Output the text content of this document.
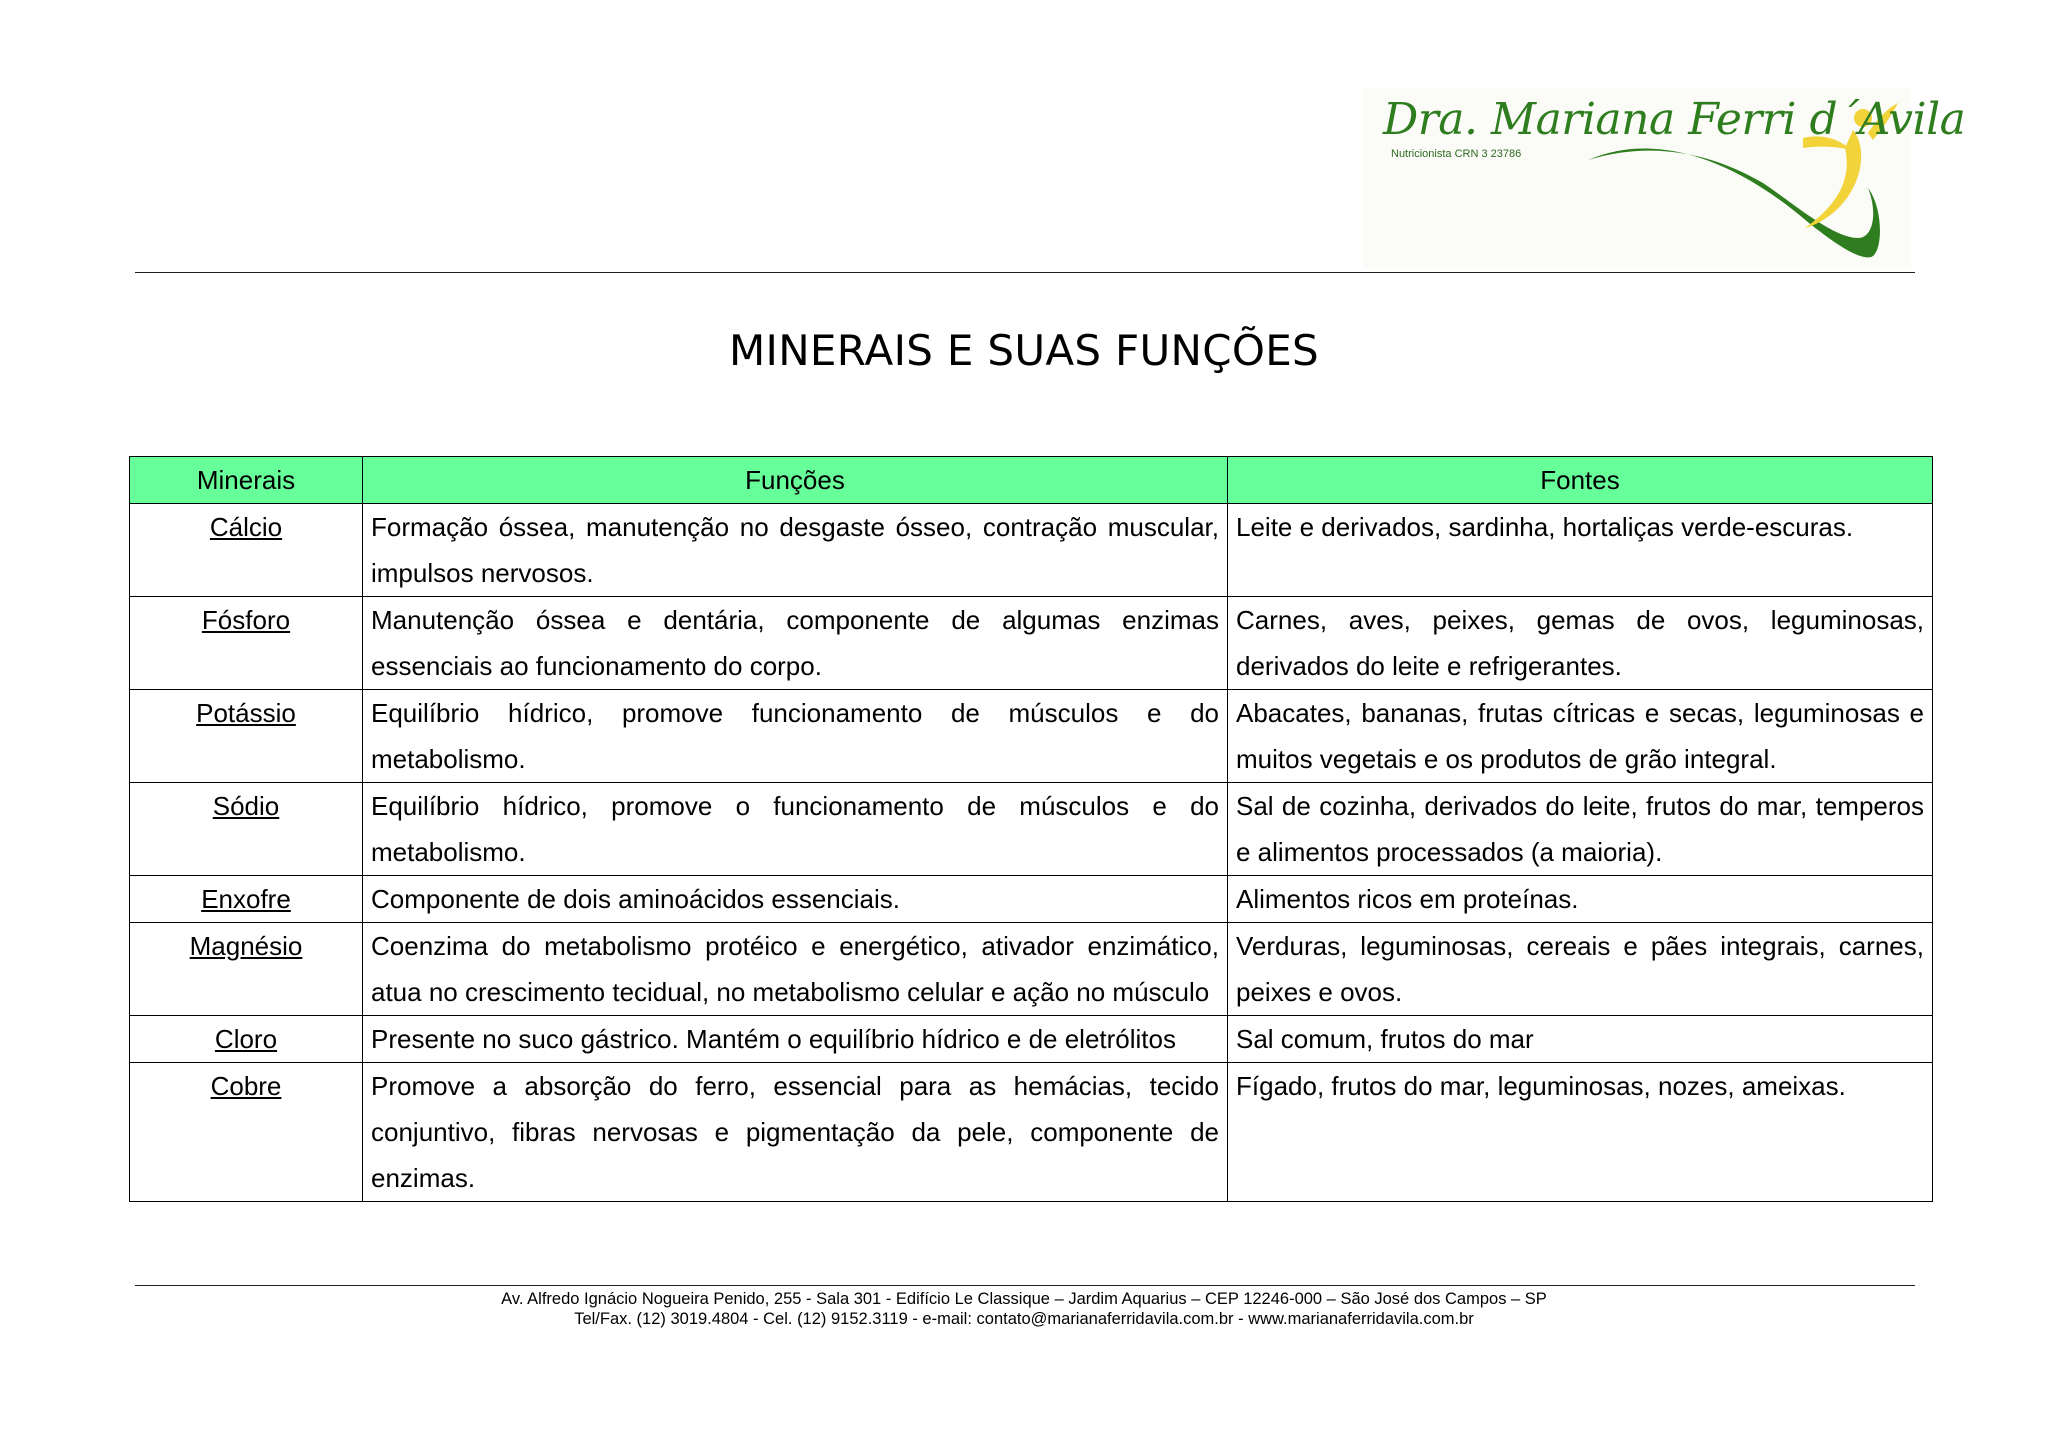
Dra. Mariana Ferri d´Avila
Nutricionista CRN 3 23786
MINERAIS E SUAS FUNÇÕES
Minerais	Funções	Fontes
Cálcio	Formação óssea, manutenção no desgaste ósseo, contração muscular, impulsos nervosos.	Leite e derivados, sardinha, hortaliças verde-escuras.
Fósforo	Manutenção óssea e dentária, componente de algumas enzimas essenciais ao funcionamento do corpo.	Carnes, aves, peixes, gemas de ovos, leguminosas, derivados do leite e refrigerantes.
Potássio	Equilíbrio hídrico, promove funcionamento de músculos e do metabolismo.	Abacates, bananas, frutas cítricas e secas, leguminosas e muitos vegetais e os produtos de grão integral.
Sódio	Equilíbrio hídrico, promove o funcionamento de músculos e do metabolismo.	Sal de cozinha, derivados do leite, frutos do mar, temperos e alimentos processados (a maioria).
Enxofre	Componente de dois aminoácidos essenciais.	Alimentos ricos em proteínas.
Magnésio	Coenzima do metabolismo protéico e energético, ativador enzimático, atua no crescimento tecidual, no metabolismo celular e ação no músculo	Verduras, leguminosas, cereais e pães integrais, carnes, peixes e ovos.
Cloro	Presente no suco gástrico. Mantém o equilíbrio hídrico e de eletrólitos	Sal comum, frutos do mar
Cobre	Promove a absorção do ferro, essencial para as hemácias, tecido conjuntivo, fibras nervosas e pigmentação da pele, componente de enzimas.	Fígado, frutos do mar, leguminosas, nozes, ameixas.
Av. Alfredo Ignácio Nogueira Penido, 255 - Sala 301 - Edifício Le Classique – Jardim Aquarius – CEP 12246-000 – São José dos Campos – SP
Tel/Fax. (12) 3019.4804 - Cel. (12) 9152.3119 - e-mail: contato@marianaferridavila.com.br - www.marianaferridavila.com.br
